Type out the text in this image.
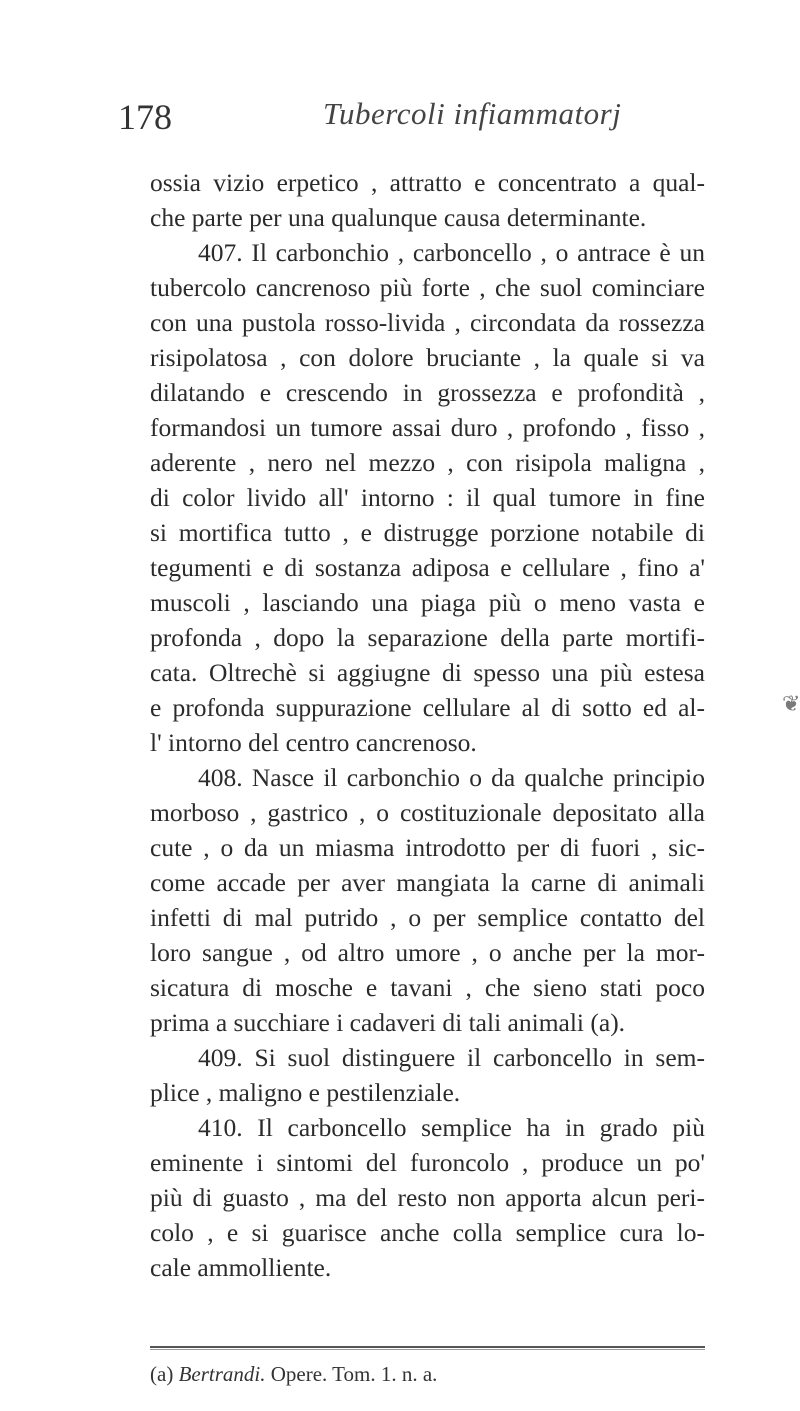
178	Tubercoli infiammatorj
ossia vizio erpetico , attratto e concentrato a qual-
che parte per una qualunque causa determinante.
407. Il carbonchio , carboncello , o antrace è un
tubercolo cancrenoso più forte , che suol cominciare
con una pustola rosso-livida , circondata da rossezza
risipolatosa , con dolore bruciante , la quale si va
dilatando e crescendo in grossezza e profondità ,
formandosi un tumore assai duro , profondo , fisso ,
aderente , nero nel mezzo , con risipola maligna ,
di color livido all' intorno : il qual tumore in fine
si mortifica tutto , e distrugge porzione notabile di
tegumenti e di sostanza adiposa e cellulare , fino a'
muscoli , lasciando una piaga più o meno vasta e
profonda , dopo la separazione della parte mortifi-
cata. Oltrechè si aggiugne di spesso una più estesa
e profonda suppurazione cellulare al di sotto ed al-
l' intorno del centro cancrenoso.
408. Nasce il carbonchio o da qualche principio
morboso , gastrico , o costituzionale depositato alla
cute , o da un miasma introdotto per di fuori , sic-
come accade per aver mangiata la carne di animali
infetti di mal putrido , o per semplice contatto del
loro sangue , od altro umore , o anche per la mor-
sicatura di mosche e tavani , che sieno stati poco
prima a succhiare i cadaveri di tali animali (a).
409. Si suol distinguere il carboncello in sem-
plice , maligno e pestilenziale.
410. Il carboncello semplice ha in grado più
eminente i sintomi del furoncolo , produce un po'
più di guasto , ma del resto non apporta alcun peri-
colo , e si guarisce anche colla semplice cura lo-
cale ammolliente.
❦
(a) Bertrandi. Opere. Tom. 1. n. a.
